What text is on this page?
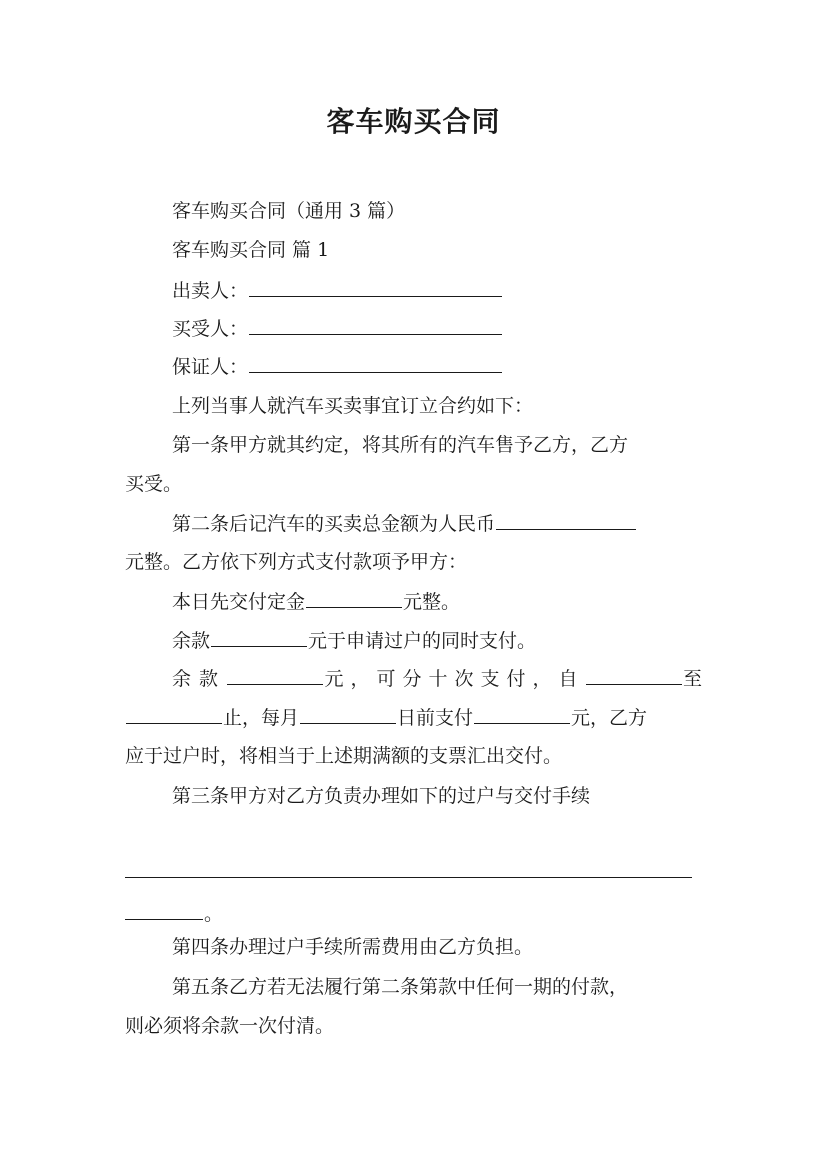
客车购买合同
客车购买合同（通用 3 篇）
客车购买合同 篇 1
出卖人：
买受人：
保证人：
上列当事人就汽车买卖事宜订立合约如下：
第一条甲方就其约定，将其所有的汽车售予乙方，乙方
买受。
第二条后记汽车的买卖总金额为人民币
元整。乙方依下列方式支付款项予甲方：
本日先交付定金	元整。
余款	元于申请过户的同时支付。
余款	元，可分十次支付，自	至
止，每月	日前支付	元，乙方
应于过户时，将相当于上述期满额的支票汇出交付。
第三条甲方对乙方负责办理如下的过户与交付手续
。
第四条办理过户手续所需费用由乙方负担。
第五条乙方若无法履行第二条第款中任何一期的付款，
则必须将余款一次付清。
